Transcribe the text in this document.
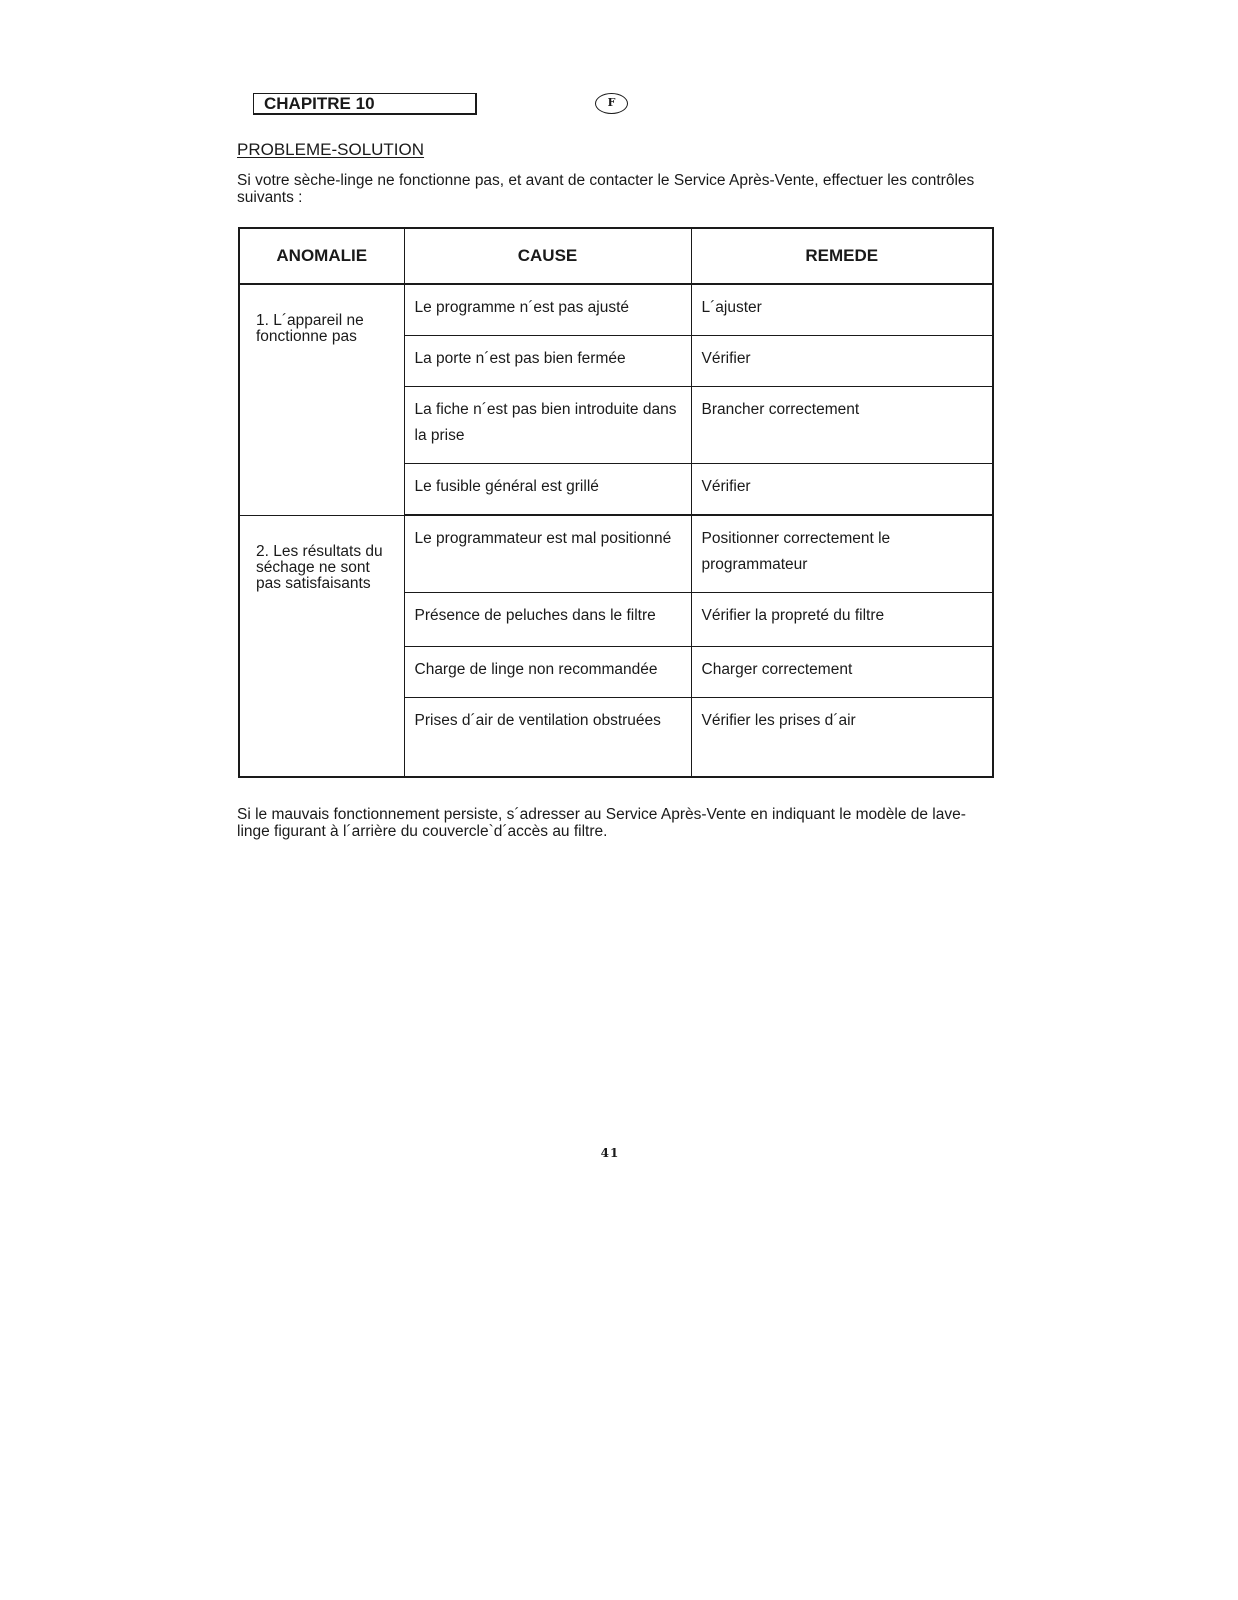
CHAPITRE 10	F
PROBLEME-SOLUTION
Si votre sèche-linge ne fonctionne pas, et avant de contacter le Service Après-Vente, effectuer les contrôles suivants :
ANOMALIE	CAUSE	REMEDE
1. L´appareil ne fonctionne pas	Le programme n´est pas ajusté	L´ajuster
	La porte n´est pas bien fermée	Vérifier
	La fiche n´est pas bien introduite dans la prise	Brancher correctement
	Le fusible général est grillé	Vérifier
2. Les résultats du séchage ne sont pas satisfaisants	Le programmateur est mal positionné	Positionner correctement le programmateur
	Présence de peluches dans le filtre	Vérifier la propreté du filtre
	Charge de linge non recommandée	Charger correctement
	Prises d´air de ventilation obstruées	Vérifier les prises d´air
Si le mauvais fonctionnement persiste, s´adresser au Service Après-Vente en indiquant le modèle de lave-linge figurant à l´arrière du couvercle`d´accès au filtre.
41
